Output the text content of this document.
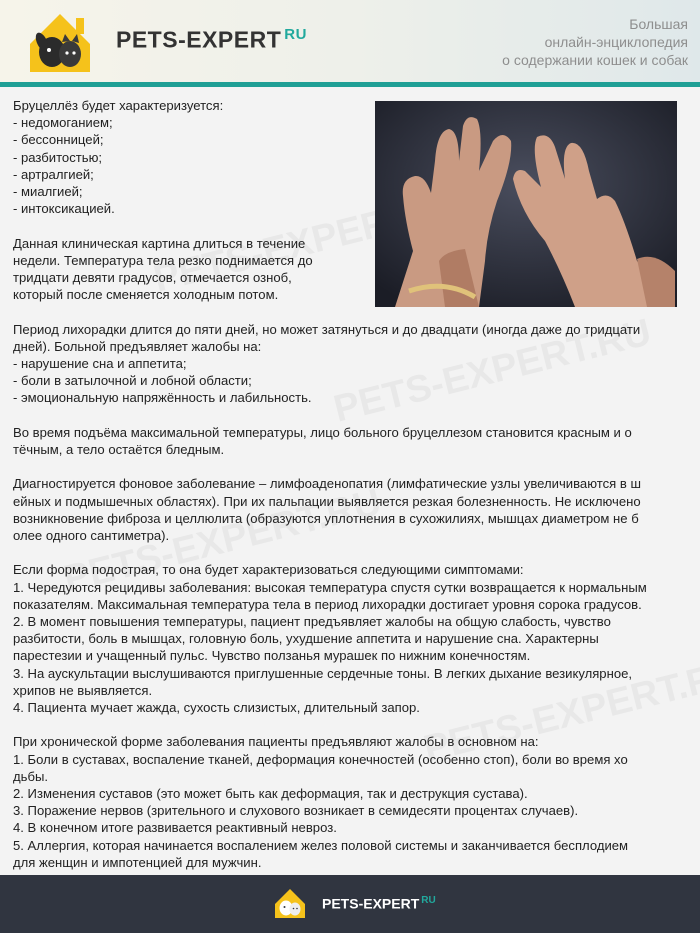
PETS-EXPERT $^{RU}$
Большая
онлайн-энциклопедия
о содержании кошек и собак

Бруцеллёз будет характеризуется:
- недомоганием;
- бессонницей;
- разбитостью;
- артралгией;
- миалгией;
- интоксикацией.

Данная клиническая картина длиться в течение
недели. Температура тела резко поднимается до
тридцати девяти градусов, отмечается озноб,
который после сменяется холодным потом.

Период лихорадки длится до пяти дней, но может затянуться и до двадцати (иногда даже до тридцати
дней). Больной предъявляет жалобы на:
- нарушение сна и аппетита;
- боли в затылочной и лобной области;
- эмоциональную напряжённость и лабильность.

Во время подъёма максимальной температуры, лицо больного бруцеллезом становится красным и о
тёчным, а тело остаётся бледным.

Диагностируется фоновое заболевание – лимфоаденопатия (лимфатические узлы увеличиваются в ш
ейных и подмышечных областях). При их пальпации выявляется резкая болезненность. Не исключено
возникновение фиброза и целлюлита (образуются уплотнения в сухожилиях, мышцах диаметром не б
олее одного сантиметра).

Если форма подострая, то она будет характеризоваться следующими симптомами:
1. Чередуются рецидивы заболевания: высокая температура спустя сутки возвращается к нормальным
показателям. Максимальная температура тела в период лихорадки достигает уровня сорока градусов.
2. В момент повышения температуры, пациент предъявляет жалобы на общую слабость, чувство
разбитости, боль в мышцах, головную боль, ухудшение аппетита и нарушение сна. Характерны
парестезии и учащенный пульс. Чувство ползанья мурашек по нижним конечностям.
3. На аускультации выслушиваются приглушенные сердечные тоны. В легких дыхание везикулярное,
хрипов не выявляется.
4. Пациента мучает жажда, сухость слизистых, длительный запор.

При хронической форме заболевания пациенты предъявляют жалобы в основном на:
1. Боли в суставах, воспаление тканей, деформация конечностей (особенно стоп), боли во время хо
дьбы.
2. Изменения суставов (это может быть как деформация, так и деструкция сустава).
3. Поражение нервов (зрительного и слухового возникает в семидесяти процентах случаев).
4. В конечном итоге развивается реактивный невроз.
5. Аллергия, которая начинается воспалением желез половой системы и заканчивается бесплодием
для женщин и импотенцией для мужчин.

PETS-EXPERT $^{RU}$
